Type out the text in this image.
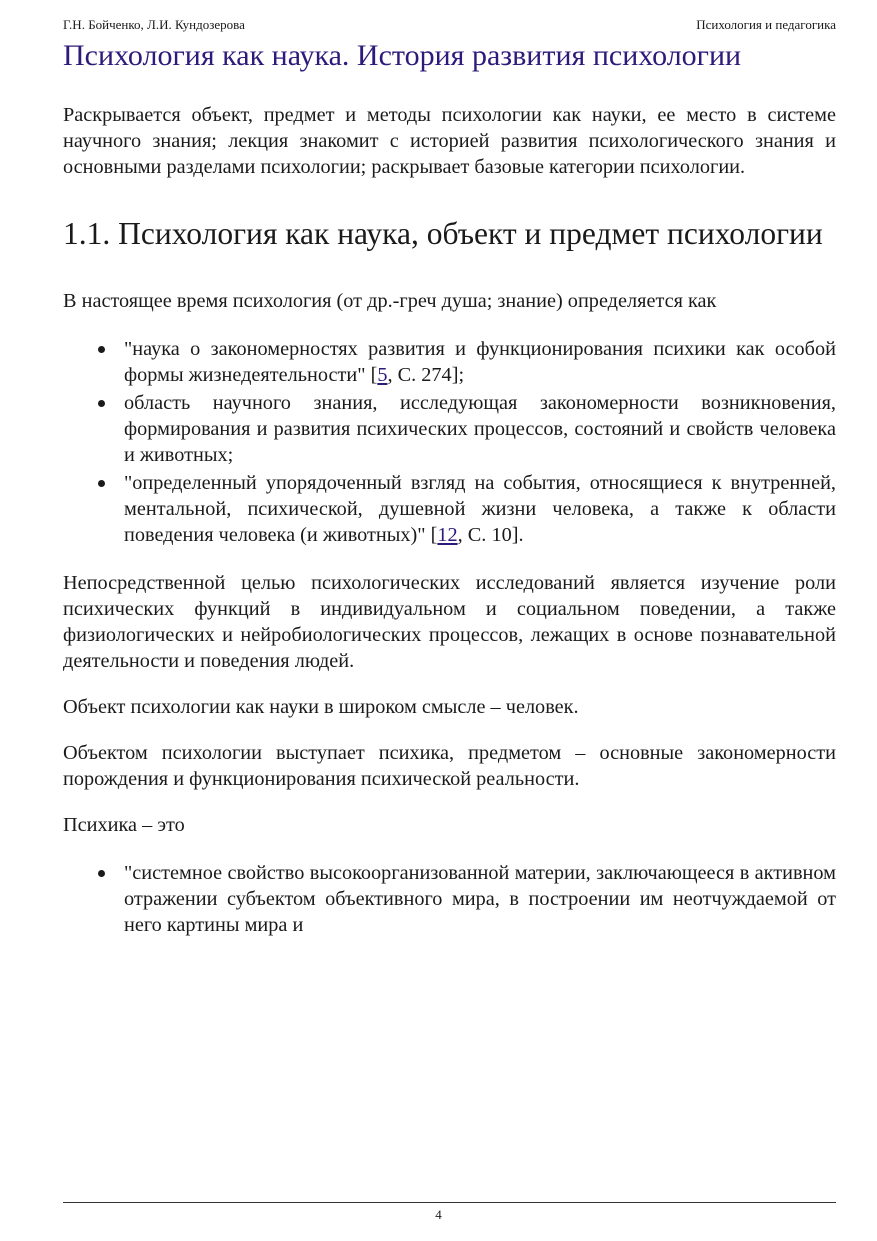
Г.Н. Бойченко, Л.И. Кундозерова	Психология и педагогика
Психология как наука. История развития психологии

Раскрывается объект, предмет и методы психологии как науки, ее место в системе научного знания; лекция знакомит с историей развития психологического знания и основными разделами психологии; раскрывает базовые категории психологии.

1.1. Психология как наука, объект и предмет психологии

В настоящее время психология (от др.-греч душа; знание) определяется как

"наука о закономерностях развития и функционирования психики как особой формы жизнедеятельности" [5, С. 274];
область научного знания, исследующая закономерности возникновения, формирования и развития психических процессов, состояний и свойств человека и животных;
"определенный упорядоченный взгляд на события, относящиеся к внутренней, ментальной, психической, душевной жизни человека, а также к области поведения человека (и животных)" [12, С. 10].

Непосредственной целью психологических исследований является изучение роли психических функций в индивидуальном и социальном поведении, а также физиологических и нейробиологических процессов, лежащих в основе познавательной деятельности и поведения людей.

Объект психологии как науки в широком смысле – человек.

Объектом психологии выступает психика, предметом – основные закономерности порождения и функционирования психической реальности.

Психика – это

"системное свойство высокоорганизованной материи, заключающееся в активном отражении субъектом объективного мира, в построении им неотчуждаемой от него картины мира и
4
